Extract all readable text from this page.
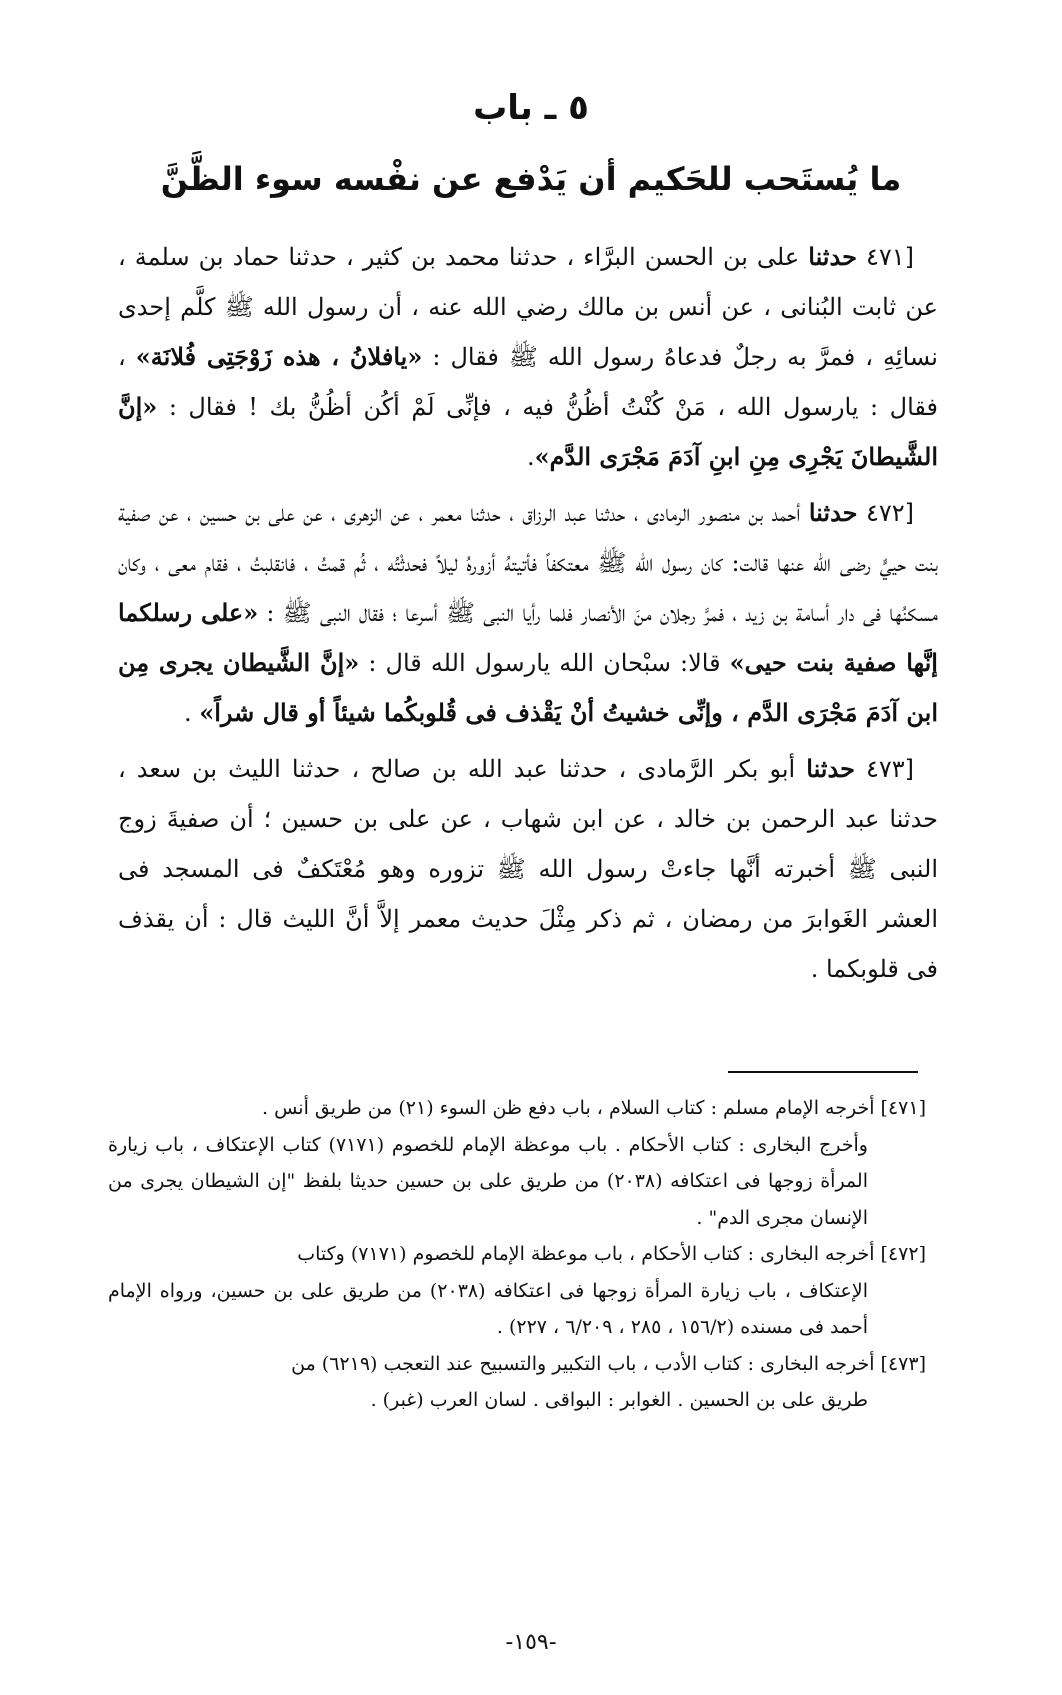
٥ ـ باب
ما يُستَحب للحَكيم أن يَدْفع عن نفْسه سوء الظَّنَّ

[٤٧١ حدثنا على بن الحسن البرَّاء ، حدثنا محمد بن كثير ، حدثنا حماد بن سلمة ، عن ثابت البُنانى ، عن أنس بن مالك رضي الله عنه ، أن رسول الله ﷺ كلَّم إحدى نسائِهِ ، فمرَّ به رجلٌ فدعاهُ رسول الله ﷺ فقال : «يافلانُ ، هذه زَوْجَتِى فُلانَة» ، فقال : يارسول الله ، مَنْ كُنْتُ أظُنُّ فيه ، فإنِّى لَمْ أكُن أظُنُّ بك ! فقال : «إنَّ الشَّيطانَ يَجْرِى مِنِ ابنِ آدَمَ مَجْرَى الدَّم».

[٤٧٢ حدثنا أحمد بن منصور الرمادى ، حدثنا عبد الرزاق ، حدثنا معمر ، عن الزهرى ، عن على بن حسين ، عن صفية بنت حييٍّ رضى الله عنها قالت: كان رسول الله ﷺ معتكفاً فأتيتهُ أزورهُ ليلاً فحدثْتُه ، ثُم قمتُ ، فانقلبتُ ، فقام معى ، وكان مسكنُها فى دار أسامة بن زيد ، فمرَّ رجلان منَ الأنصار فلما رأيا النبى ﷺ أسرعا ؛ فقال النبى ﷺ : «على رسلكما إنَّها صفية بنت حيى» قالا: سبْحان الله يارسول الله قال : «إنَّ الشَّيطان يجرى مِن ابن آدَمَ مَجْرَى الدَّم ، وإنِّى خشيتُ أنْ يَقْذف فى قُلوبكُما شيئاً أو قال شراً» .

[٤٧٣ حدثنا أبو بكر الرَّمادى ، حدثنا عبد الله بن صالح ، حدثنا الليث بن سعد ، حدثنا عبد الرحمن بن خالد ، عن ابن شهاب ، عن على بن حسين ؛ أن صفيةَ زوج النبى ﷺ أخبرته أنَّها جاءتْ رسول الله ﷺ تزوره وهو مُعْتَكفٌ فى المسجد فى العشر الغَوابرَ من رمضان ، ثم ذكر مِثْلَ حديث معمر إلاَّ أنَّ الليث قال : أن يقذف فى قلوبكما .

[٤٧١] أخرجه الإمام مسلم : كتاب السلام ، باب دفع ظن السوء (٢١) من طريق أنس .
وأخرج البخارى : كتاب الأحكام . باب موعظة الإمام للخصوم (٧١٧١) كتاب الإعتكاف ، باب زيارة المرأة زوجها فى اعتكافه (٢٠٣٨) من طريق على بن حسين حديثا بلفظ "إن الشيطان يجرى من الإنسان مجرى الدم" .

[٤٧٢] أخرجه البخارى : كتاب الأحكام ، باب موعظة الإمام للخصوم (٧١٧١) وكتاب
الإعتكاف ، باب زيارة المرأة زوجها فى اعتكافه (٢٠٣٨) من طريق على بن حسين، ورواه الإمام أحمد فى مسنده (١٥٦/٢ ، ٢٨٥ ، ٦/٢٠٩ ، ٢٢٧) .

[٤٧٣] أخرجه البخارى : كتاب الأدب ، باب التكبير والتسبيح عند التعجب (٦٢١٩) من
طريق على بن الحسين . الغوابر : البواقى . لسان العرب (غبر) .

-١٥٩-
